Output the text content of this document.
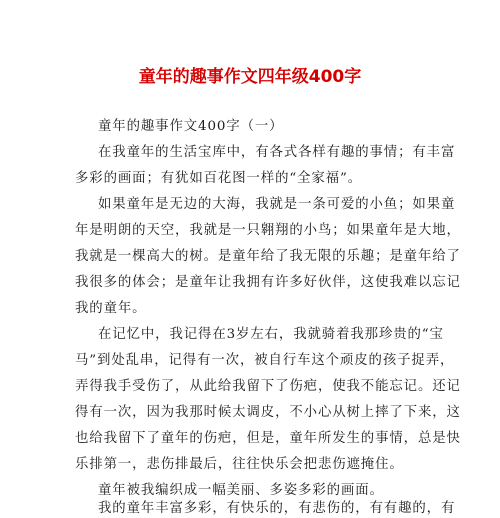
童年的趣事作文四年级400字
童年的趣事作文400字（一）
在我童年的生活宝库中，有各式各样有趣的事情；有丰富
多彩的画面；有犹如百花图一样的“全家福”。
如果童年是无边的大海，我就是一条可爱的小鱼；如果童
年是明朗的天空，我就是一只翱翔的小鸟；如果童年是大地，
我就是一棵高大的树。是童年给了我无限的乐趣；是童年给了
我很多的体会；是童年让我拥有许多好伙伴，这使我难以忘记
我的童年。
在记忆中，我记得在3岁左右，我就骑着我那珍贵的“宝
马”到处乱串，记得有一次，被自行车这个顽皮的孩子捉弄，
弄得我手受伤了，从此给我留下了伤疤，使我不能忘记。还记
得有一次，因为我那时候太调皮，不小心从树上摔了下来，这
也给我留下了童年的伤疤，但是，童年所发生的事情，总是快
乐排第一，悲伤排最后，往往快乐会把悲伤遮掩住。
童年被我编织成一幅美丽、多姿多彩的画面。
我的童年丰富多彩，有快乐的，有悲伤的，有有趣的，有
